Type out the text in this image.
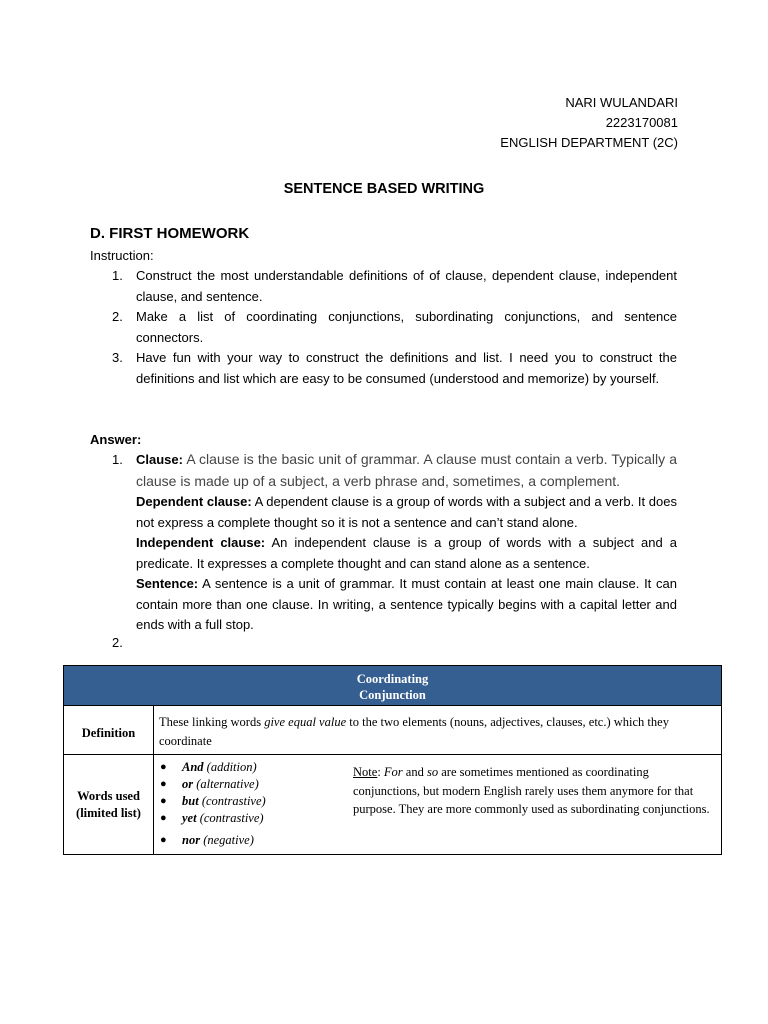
NARI WULANDARI
2223170081
ENGLISH DEPARTMENT (2C)
SENTENCE BASED WRITING
D. FIRST HOMEWORK
Instruction:
1. Construct the most understandable definitions of of clause, dependent clause, independent clause, and sentence.
2. Make a list of coordinating conjunctions, subordinating conjunctions, and sentence connectors.
3. Have fun with your way to construct the definitions and list. I need you to construct the definitions and list which are easy to be consumed (understood and memorize) by yourself.
Answer:
1. Clause: A clause is the basic unit of grammar. A clause must contain a verb. Typically a clause is made up of a subject, a verb phrase and, sometimes, a complement.
Dependent clause: A dependent clause is a group of words with a subject and a verb. It does not express a complete thought so it is not a sentence and can’t stand alone.
Independent clause: An independent clause is a group of words with a subject and a predicate. It expresses a complete thought and can stand alone as a sentence.
Sentence: A sentence is a unit of grammar. It must contain at least one main clause. It can contain more than one clause. In writing, a sentence typically begins with a capital letter and ends with a full stop.
2.
Coordinating
Conjunction
Definition
These linking words give equal value to the two elements (nouns, adjectives, clauses, etc.) which they coordinate
Words used
(limited list)
● And (addition)
● or (alternative)
● but (contrastive)
● yet (contrastive)
● nor (negative)
Note: For and so are sometimes mentioned as coordinating conjunctions, but modern English rarely uses them anymore for that purpose. They are more commonly used as subordinating conjunctions.
